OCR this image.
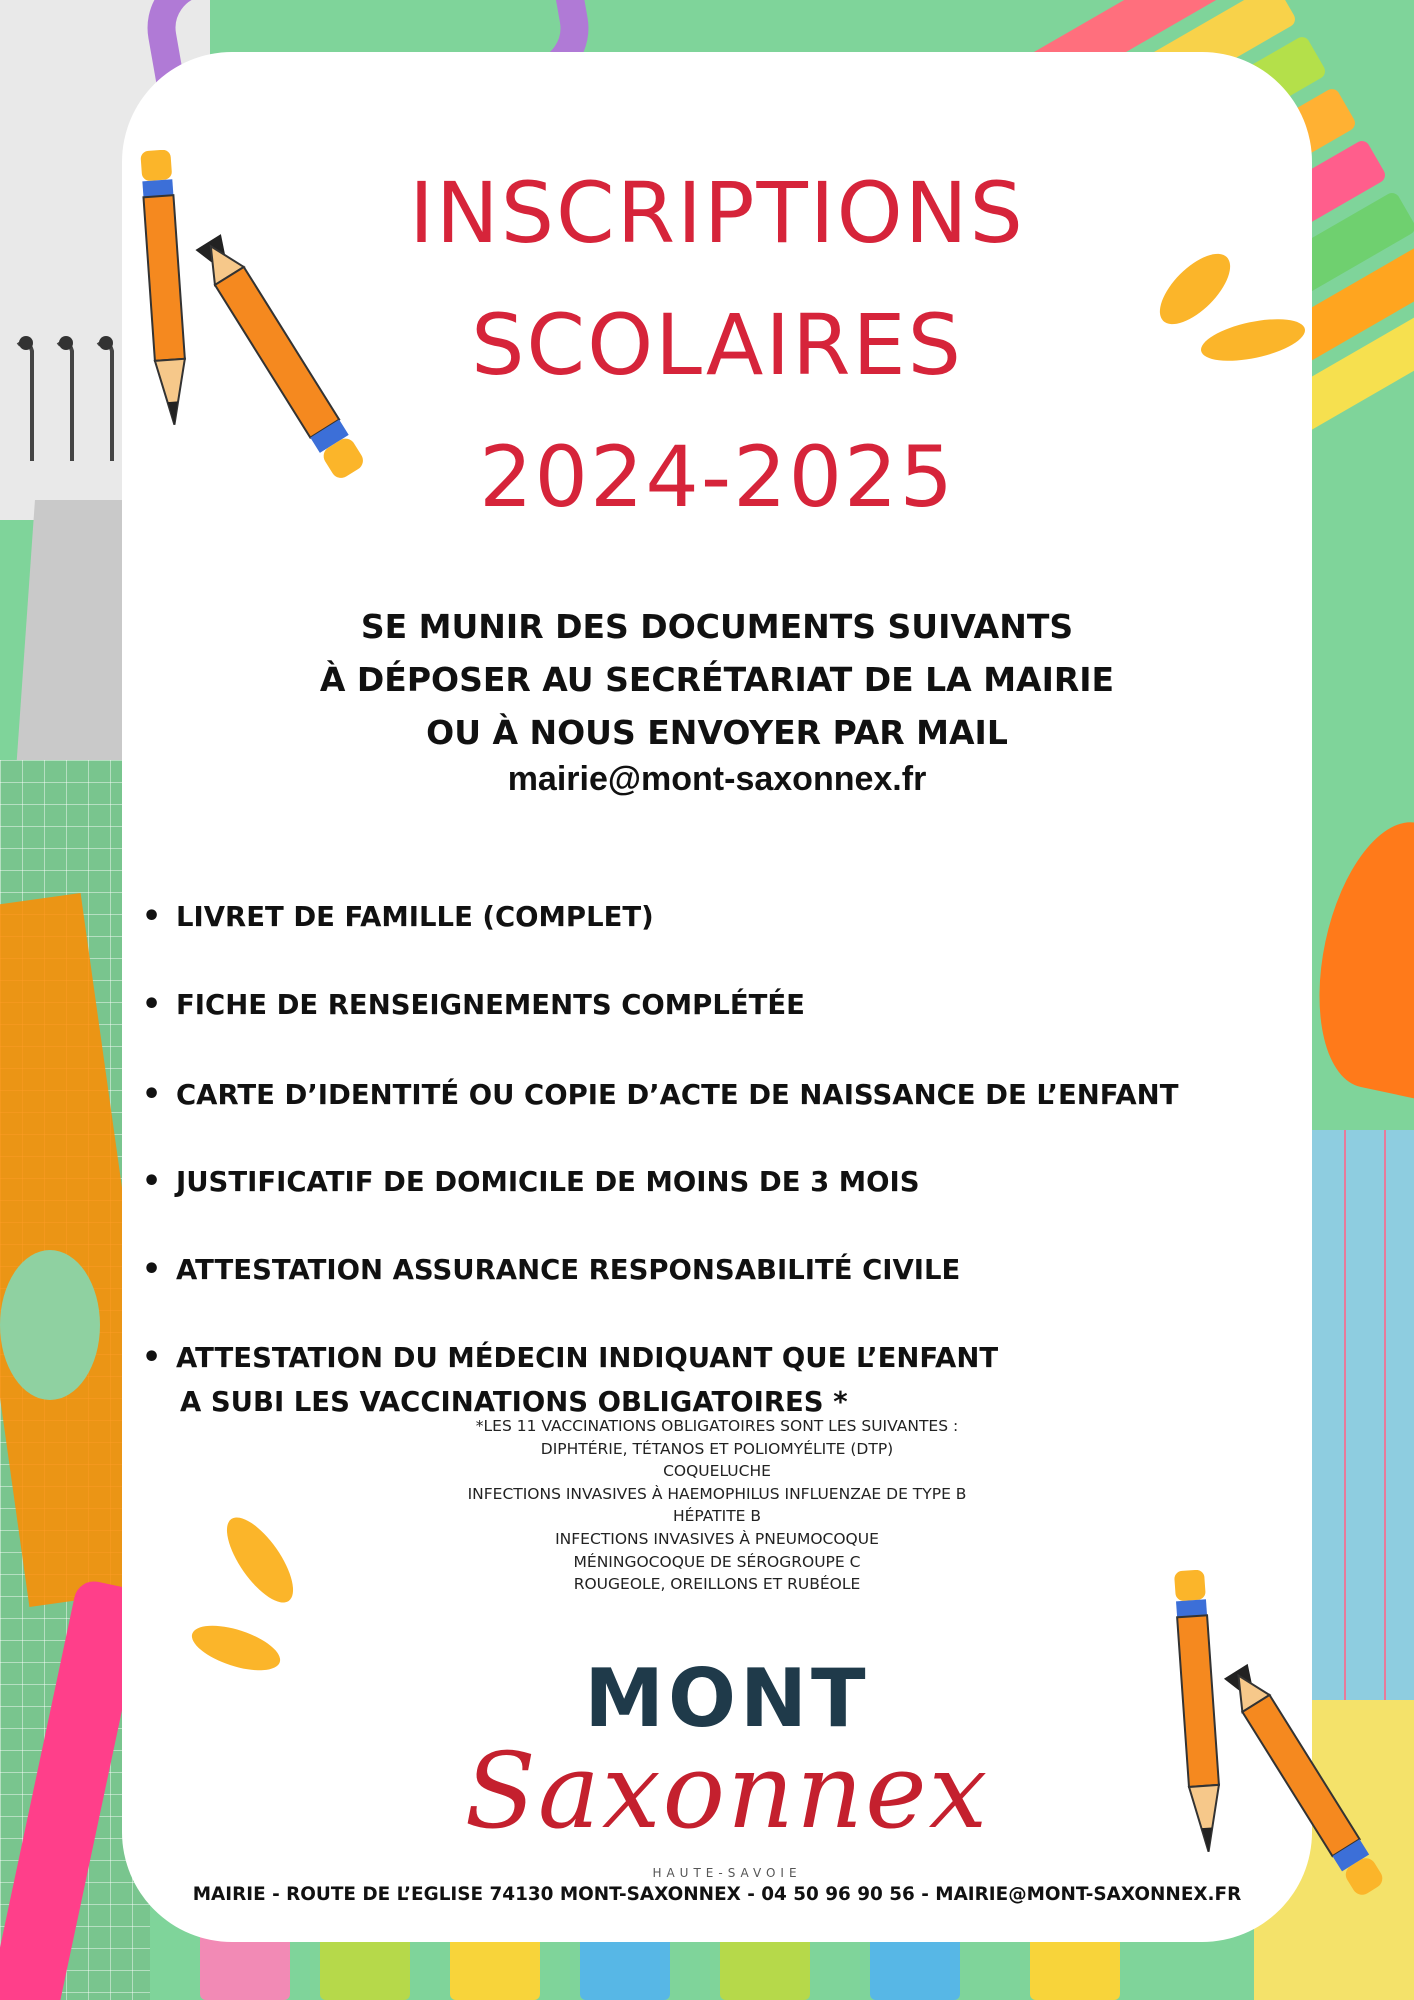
INSCRIPTIONS
SCOLAIRES
2024-2025
SE MUNIR DES DOCUMENTS SUIVANTS
À DÉPOSER AU SECRÉTARIAT DE LA MAIRIE
OU À NOUS ENVOYER PAR MAIL
mairie@mont-saxonnex.fr
• LIVRET DE FAMILLE (COMPLET)
• FICHE DE RENSEIGNEMENTS COMPLÉTÉE
• CARTE D’IDENTITÉ OU COPIE D’ACTE DE NAISSANCE DE L’ENFANT
• JUSTIFICATIF DE DOMICILE DE MOINS DE 3 MOIS
• ATTESTATION ASSURANCE RESPONSABILITÉ CIVILE
• ATTESTATION DU MÉDECIN INDIQUANT QUE L’ENFANT
A SUBI LES VACCINATIONS OBLIGATOIRES *
*LES 11 VACCINATIONS OBLIGATOIRES SONT LES SUIVANTES :
DIPHTÉRIE, TÉTANOS ET POLIOMYÉLITE (DTP)
COQUELUCHE
INFECTIONS INVASIVES À HAEMOPHILUS INFLUENZAE DE TYPE B
HÉPATITE B
INFECTIONS INVASIVES À PNEUMOCOQUE
MÉNINGOCOQUE DE SÉROGROUPE C
ROUGEOLE, OREILLONS ET RUBÉOLE
MONT
Saxonnex
HAUTE-SAVOIE
MAIRIE - ROUTE DE L’EGLISE 74130 MONT-SAXONNEX - 04 50 96 90 56 - MAIRIE@MONT-SAXONNEX.FR
